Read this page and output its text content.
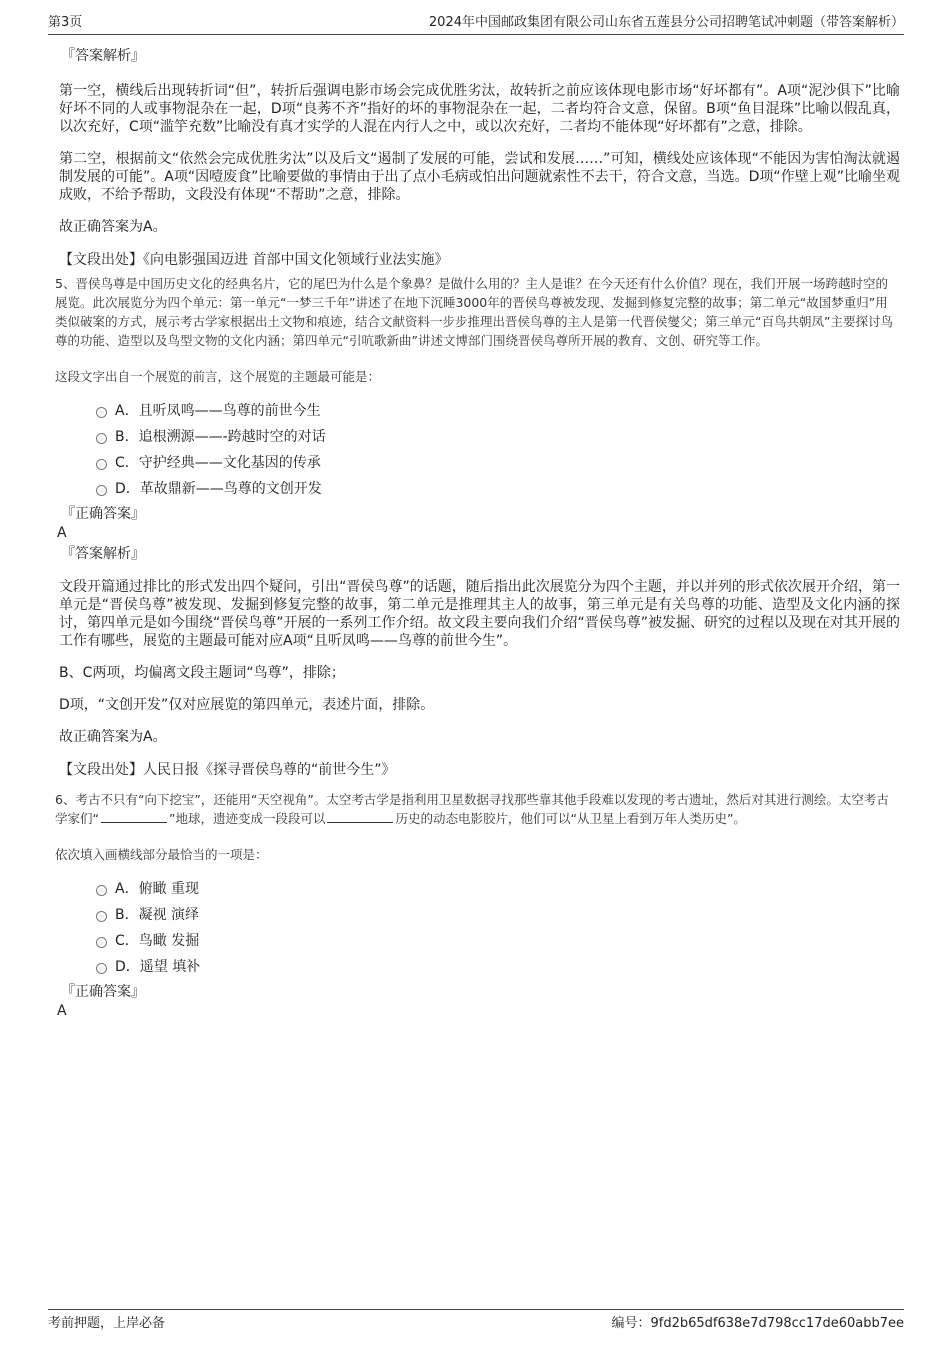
第3页	2024年中国邮政集团有限公司山东省五莲县分公司招聘笔试冲刺题（带答案解析）
『答案解析』

第一空，横线后出现转折词“但”，转折后强调电影市场会完成优胜劣汰，故转折之前应该体现电影市场“好坏都有”。A项“泥沙俱下”比喻好坏不同的人或事物混杂在一起，D项“良莠不齐”指好的坏的事物混杂在一起，二者均符合文意，保留。B项“鱼目混珠”比喻以假乱真，以次充好，C项“滥竽充数”比喻没有真才实学的人混在内行人之中，或以次充好，二者均不能体现“好坏都有”之意，排除。

第二空，根据前文“依然会完成优胜劣汰”以及后文“遏制了发展的可能，尝试和发展……”可知，横线处应该体现“不能因为害怕淘汰就遏制发展的可能”。A项“因噎废食”比喻要做的事情由于出了点小毛病或怕出问题就索性不去干，符合文意，当选。D项“作壁上观”比喻坐观成败，不给予帮助，文段没有体现“不帮助”之意，排除。

故正确答案为A。

【文段出处】《向电影强国迈进 首部中国文化领域行业法实施》

5、晋侯鸟尊是中国历史文化的经典名片，它的尾巴为什么是个象鼻？是做什么用的？主人是谁？在今天还有什么价值？现在，我们开展一场跨越时空的展览。此次展览分为四个单元：第一单元“一梦三千年”讲述了在地下沉睡3000年的晋侯鸟尊被发现、发掘到修复完整的故事；第二单元“故国梦重归”用类似破案的方式，展示考古学家根据出土文物和痕迹，结合文献资料一步步推理出晋侯鸟尊的主人是第一代晋侯燮父；第三单元“百鸟共朝凤”主要探讨鸟尊的功能、造型以及鸟型文物的文化内涵；第四单元“引吭歌新曲”讲述文博部门围绕晋侯鸟尊所开展的教育、文创、研究等工作。

这段文字出自一个展览的前言，这个展览的主题最可能是：

A．且听凤鸣——鸟尊的前世今生
B．追根溯源——-跨越时空的对话
C．守护经典——文化基因的传承
D．革故鼎新——鸟尊的文创开发
『正确答案』
A
『答案解析』

文段开篇通过排比的形式发出四个疑问，引出“晋侯鸟尊”的话题，随后指出此次展览分为四个主题，并以并列的形式依次展开介绍，第一单元是“晋侯鸟尊”被发现、发掘到修复完整的故事，第二单元是推理其主人的故事，第三单元是有关鸟尊的功能、造型及文化内涵的探讨，第四单元是如今围绕“晋侯鸟尊”开展的一系列工作介绍。故文段主要向我们介绍“晋侯鸟尊”被发掘、研究的过程以及现在对其开展的工作有哪些，展览的主题最可能对应A项“且听凤鸣——鸟尊的前世今生”。

B、C两项，均偏离文段主题词“鸟尊”，排除；

D项，“文创开发”仅对应展览的第四单元，表述片面，排除。

故正确答案为A。

【文段出处】人民日报《探寻晋侯鸟尊的“前世今生”》

6、考古不只有“向下挖宝”，还能用“天空视角”。太空考古学是指利用卫星数据寻找那些靠其他手段难以发现的考古遗址，然后对其进行测绘。太空考古学家们“	”地球，遗迹变成一段段可以	历史的动态电影胶片，他们可以“从卫星上看到万年人类历史”。

依次填入画横线部分最恰当的一项是：

A．俯瞰 重现
B．凝视 演绎
C．鸟瞰 发掘
D．遥望 填补
『正确答案』
A
考前押题，上岸必备	编号：9fd2b65df638e7d798cc17de60abb7ee
